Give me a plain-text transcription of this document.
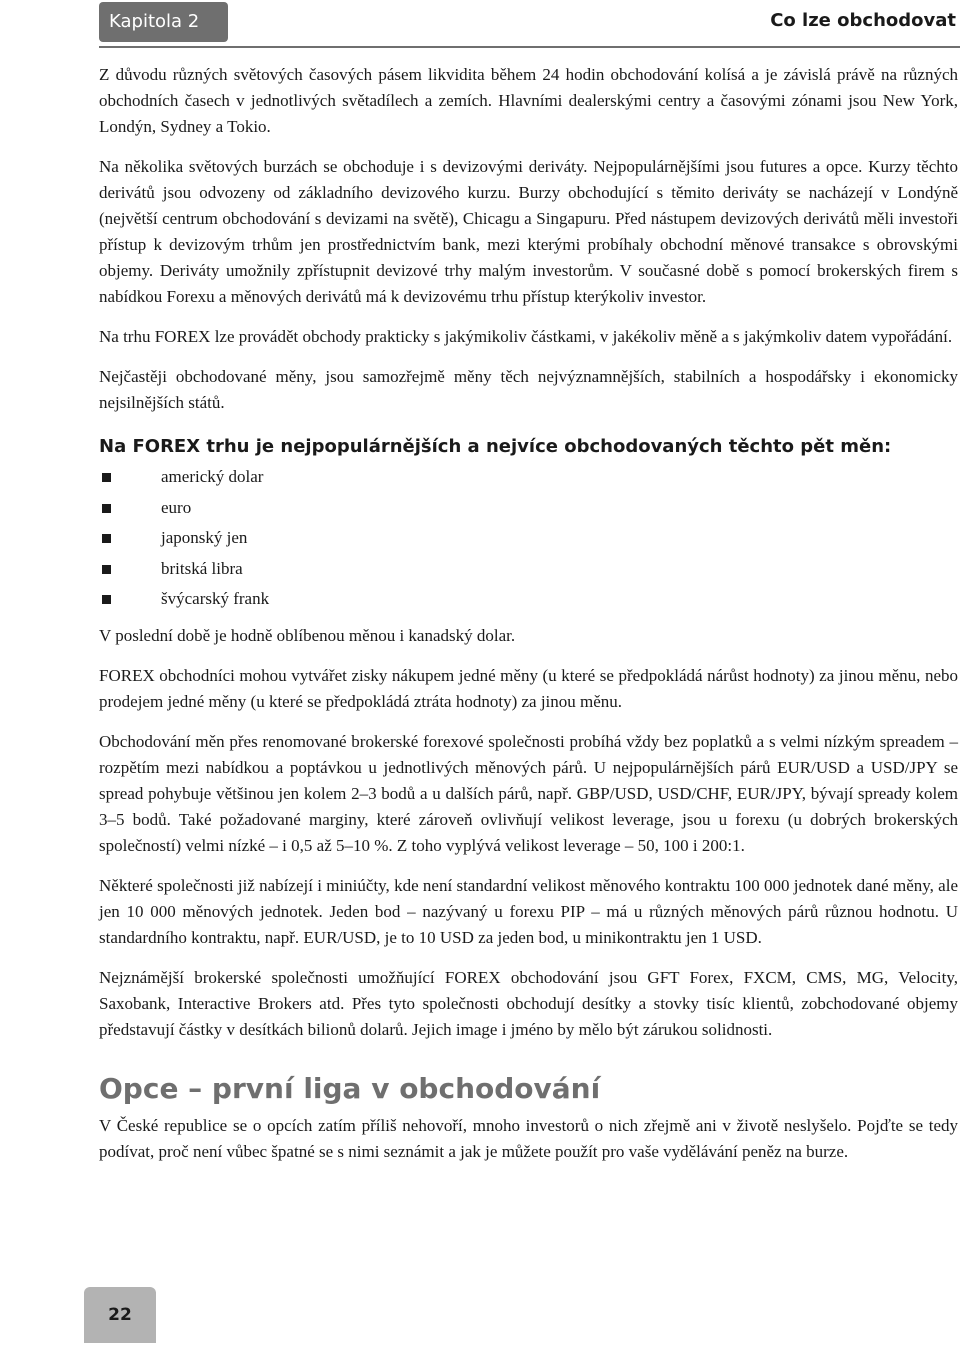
Kapitola 2	Co lze obchodovat

Z důvodu různých světových časových pásem likvidita během 24 hodin obchodování kolísá a je závislá právě na různých obchodních časech v jednotlivých světadílech a zemích. Hlavními dealerskými centry a časovými zónami jsou New York, Londýn, Sydney a Tokio.

Na několika světových burzách se obchoduje i s devizovými deriváty. Nejpopulárnějšími jsou futures a opce. Kurzy těchto derivátů jsou odvozeny od základního devizového kurzu. Burzy obchodující s těmito deriváty se nacházejí v Londýně (největší centrum obchodování s devizami na světě), Chicagu a Singapuru. Před nástupem devizových derivátů měli investoři přístup k devizovým trhům jen prostřednictvím bank, mezi kterými probíhaly obchodní měnové transakce s obrovskými objemy. Deriváty umožnily zpřístupnit devizové trhy malým investorům. V současné době s pomocí brokerských firem s nabídkou Forexu a měnových derivátů má k devizovému trhu přístup kterýkoliv investor.

Na trhu FOREX lze provádět obchody prakticky s jakýmikoliv částkami, v jakékoliv měně a s jakýmkoliv datem vypořádání.

Nejčastěji obchodované měny, jsou samozřejmě měny těch nejvýznamnějších, stabilních a hospodářsky i ekonomicky nejsilnějších států.

Na FOREX trhu je nejpopulárnějších a nejvíce obchodovaných těchto pět měn:
americký dolar
euro
japonský jen
britská libra
švýcarský frank

V poslední době je hodně oblíbenou měnou i kanadský dolar.

FOREX obchodníci mohou vytvářet zisky nákupem jedné měny (u které se předpokládá nárůst hodnoty) za jinou měnu, nebo prodejem jedné měny (u které se předpokládá ztráta hodnoty) za jinou měnu.

Obchodování měn přes renomované brokerské forexové společnosti probíhá vždy bez poplatků a s velmi nízkým spreadem – rozpětím mezi nabídkou a poptávkou u jednotlivých měnových párů. U nejpopulárnějších párů EUR/USD a USD/JPY se spread pohybuje většinou jen kolem 2–3 bodů a u dalších párů, např. GBP/USD, USD/CHF, EUR/JPY, bývají spready kolem 3–5 bodů. Také požadované marginy, které zároveň ovlivňují velikost leverage, jsou u forexu (u dobrých brokerských společností) velmi nízké – i 0,5 až 5–10 %. Z toho vyplývá velikost leverage – 50, 100 i 200:1.

Některé společnosti již nabízejí i miniúčty, kde není standardní velikost měnového kontraktu 100 000 jednotek dané měny, ale jen 10 000 měnových jednotek. Jeden bod – nazývaný u forexu PIP – má u různých měnových párů různou hodnotu. U standardního kontraktu, např. EUR/USD, je to 10 USD za jeden bod, u minikontraktu jen 1 USD.

Nejznámější brokerské společnosti umožňující FOREX obchodování jsou GFT Forex, FXCM, CMS, MG, Velocity, Saxobank, Interactive Brokers atd. Přes tyto společnosti obchodují desítky a stovky tisíc klientů, zobchodované objemy představují částky v desítkách bilionů dolarů. Jejich image i jméno by mělo být zárukou solidnosti.

Opce – první liga v obchodování

V České republice se o opcích zatím příliš nehovoří, mnoho investorů o nich zřejmě ani v životě neslyšelo. Pojďte se tedy podívat, proč není vůbec špatné se s nimi seznámit a jak je můžete použít pro vaše vydělávání peněz na burze.

22
